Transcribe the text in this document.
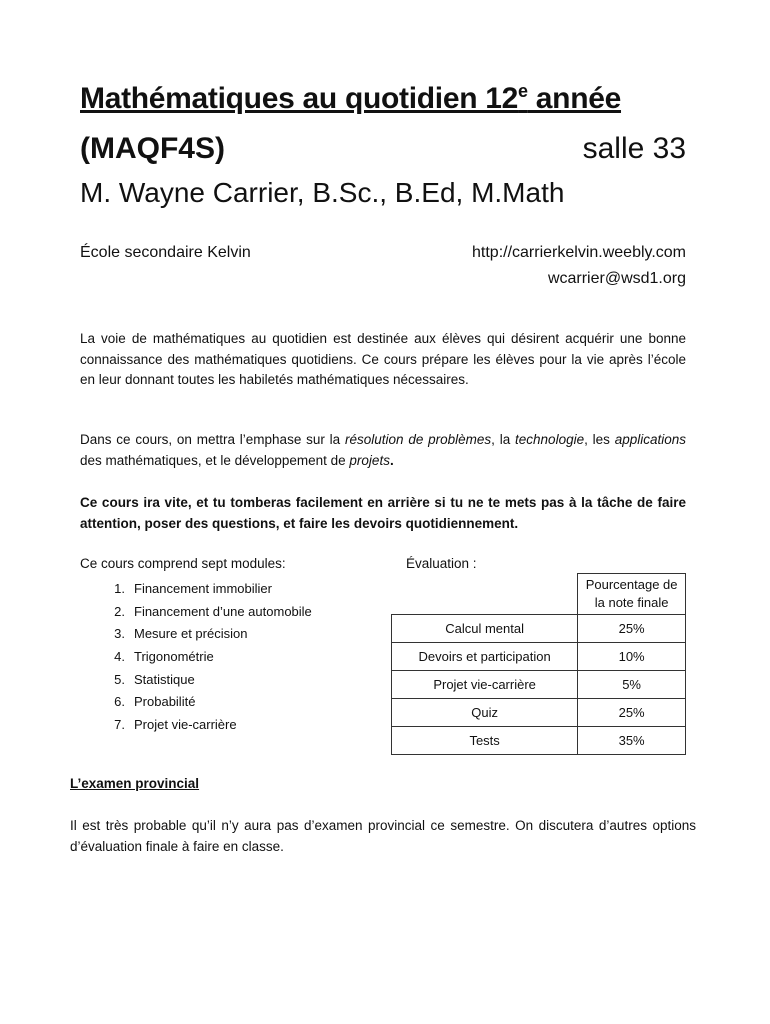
Mathématiques au quotidien 12e année
(MAQF4S)	salle 33
M. Wayne Carrier, B.Sc., B.Ed, M.Math
École secondaire Kelvin	http://carrierkelvin.weebly.com
wcarrier@wsd1.org
La voie de mathématiques au quotidien est destinée aux élèves qui désirent acquérir une bonne connaissance des mathématiques quotidiens. Ce cours prépare les élèves pour la vie après l’école en leur donnant toutes les habiletés mathématiques nécessaires.
Dans ce cours, on mettra l’emphase sur la résolution de problèmes, la technologie, les applications des mathématiques, et le développement de projets.
Ce cours ira vite, et tu tomberas facilement en arrière si tu ne te mets pas à la tâche de faire attention, poser des questions, et faire les devoirs quotidiennement.
Ce cours comprend sept modules:
1. Financement immobilier
2. Financement d’une automobile
3. Mesure et précision
4. Trigonométrie
5. Statistique
6. Probabilité
7. Projet vie-carrière
Évaluation :
	Pourcentage de
la note finale
Calcul mental	25%
Devoirs et participation	10%
Projet vie-carrière	5%
Quiz	25%
Tests	35%
L’examen provincial
Il est très probable qu’il n’y aura pas d’examen provincial ce semestre. On discutera d’autres options d’évaluation finale à faire en classe.
